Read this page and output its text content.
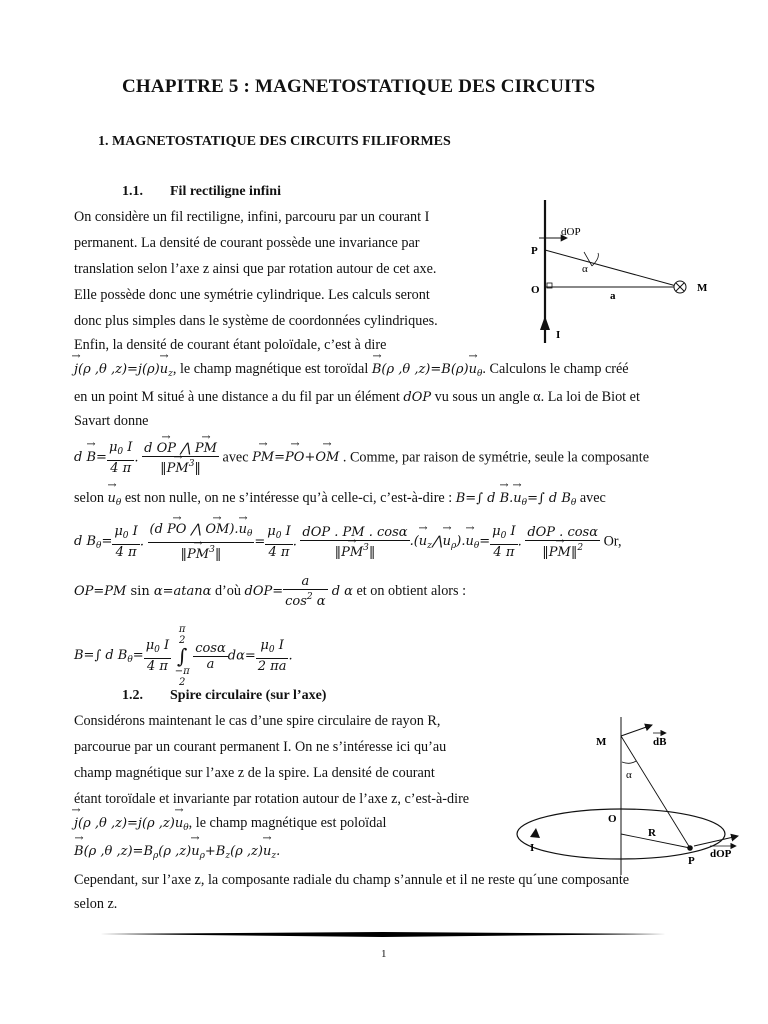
CHAPITRE 5 : MAGNETOSTATIQUE DES CIRCUITS
1. MAGNETOSTATIQUE DES CIRCUITS FILIFORMES
1.1. Fil rectiligne infini
On considère un fil rectiligne, infini, parcouru par un courant I
permanent. La densité de courant possède une invariance par
translation selon l’axe z ainsi que par rotation autour de cet axe.
Elle possède donc une symétrie cylindrique. Les calculs seront
donc plus simples dans le système de coordonnées cylindriques.
Enfin, la densité de courant étant poloïdale, c’est à dire
→ j(ρ ,θ $,z)=j(\rho)\to u_z$, le champ magnétique est toroïdal → B(ρ ,θ $,z)=B(\rho)\to u_\theta$. Calculons le champ créé
en un point M situé à une distance a du fil par un élément dOP vu sous un angle α. La loi de Biot et
Savart donne
$d \to B= \frac{\mu_0 I}{4 \pi}$ . $\frac{d \to OP ⋀ \to PM}{‖\to PM^3‖}$ avec → PM=→ PO+→ OM . Comme, par raison de symétrie, seule la composante
selon → $u_\theta$ est non nulle, on ne s’intéresse qu’à celle-ci, c’est-à-dire : B=∫ $d \to B.\to u_\theta=\int$ d $B_\theta$ avec
d $B_\theta= \frac{\mu_0 I}{4 \pi}$ . $\frac{(d \to PO ⋀ \to OM).\to u_\theta}{‖\to PM^3‖} = \frac{\mu_0 I}{4 \pi}$ . $\frac{\text{dOP . PM . cosα}}{‖\to PM^3‖}$ .(→ $u_z⋀\to u_\rho).\to u_\theta= \frac{\mu_0 I}{4 \pi}$ . $\frac{\text{dOP . cosα}}{‖\to PM‖^2} Or$,
OP=PM sin α=atanα d’où $dOP= \frac{a}{\cos^2 \alpha}$ d α et on obtient alors :
B=∫ d $B_\theta= \frac{\mu_0 I}{4 \pi}$

π
2
∫
−π
2

$\frac{\cos\alpha}{a} d\alpha= \frac{\mu_0 I}{2 \pi a}$ .
1.2. Spire circulaire (sur l’axe)
Considérons maintenant le cas d’une spire circulaire de rayon R,
parcourue par un courant permanent I. On ne s’intéresse ici qu’au
champ magnétique sur l’axe z de la spire. La densité de courant
étant toroïdale et invariante par rotation autour de l’axe z, c’est-à-dire
→ j(ρ ,θ ,z)=j(ρ $,z)\to u_\theta$, le champ magnétique est poloïdal
→ B(ρ ,θ $,z)=B_\rho(\rho$ $,z)\to u_\rho+B_z(\rho$ $,z)\to u_z$.
Cependant, sur l’axe z, la composante radiale du champ s’annule et il ne reste qu´une composante
selon z.
1
dOP
P
O
α
a
M
I
dB
α
M
O
R
I
P
dOP
